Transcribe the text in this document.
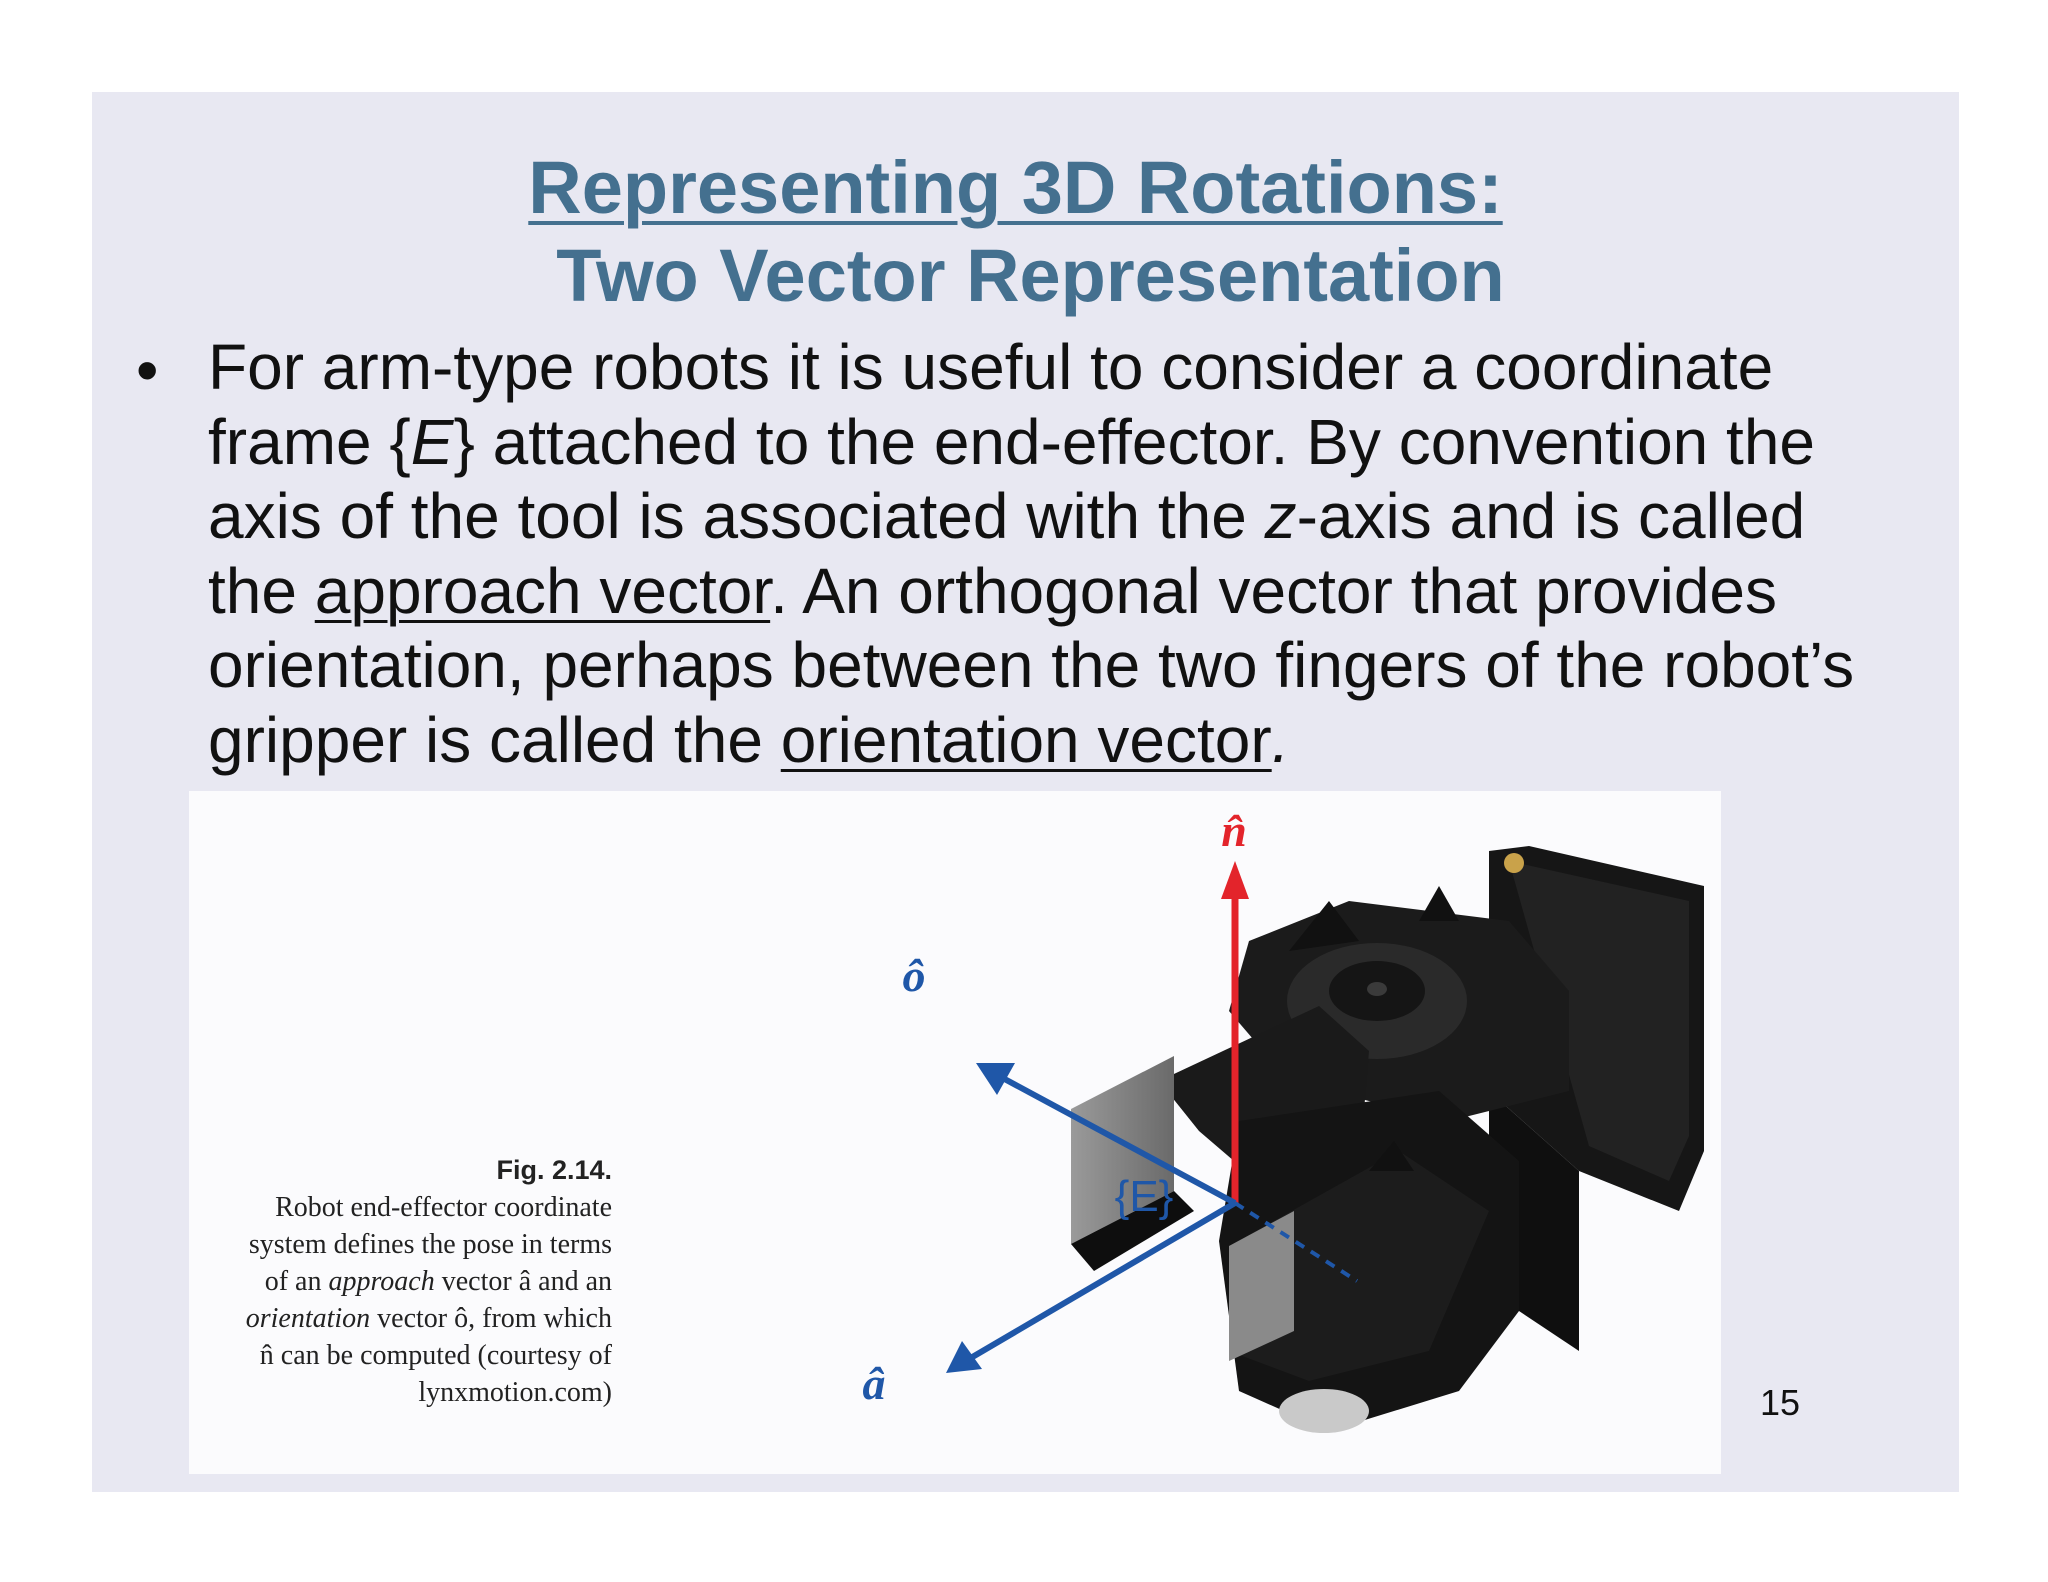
Representing 3D Rotations:
Two Vector Representation
• For arm-type robots it is useful to consider a coordinate
frame {E} attached to the end-effector. By convention the
axis of the tool is associated with the z-axis and is called
the approach vector. An orthogonal vector that provides
orientation, perhaps between the two fingers of the robot’s
gripper is called the orientation vector.
n̂
ô
â
{E}
Fig. 2.14.
Robot end-effector coordinate
system defines the pose in terms
of an approach vector â and an
orientation vector ô, from which
n̂ can be computed (courtesy of
lynxmotion.com)	15
